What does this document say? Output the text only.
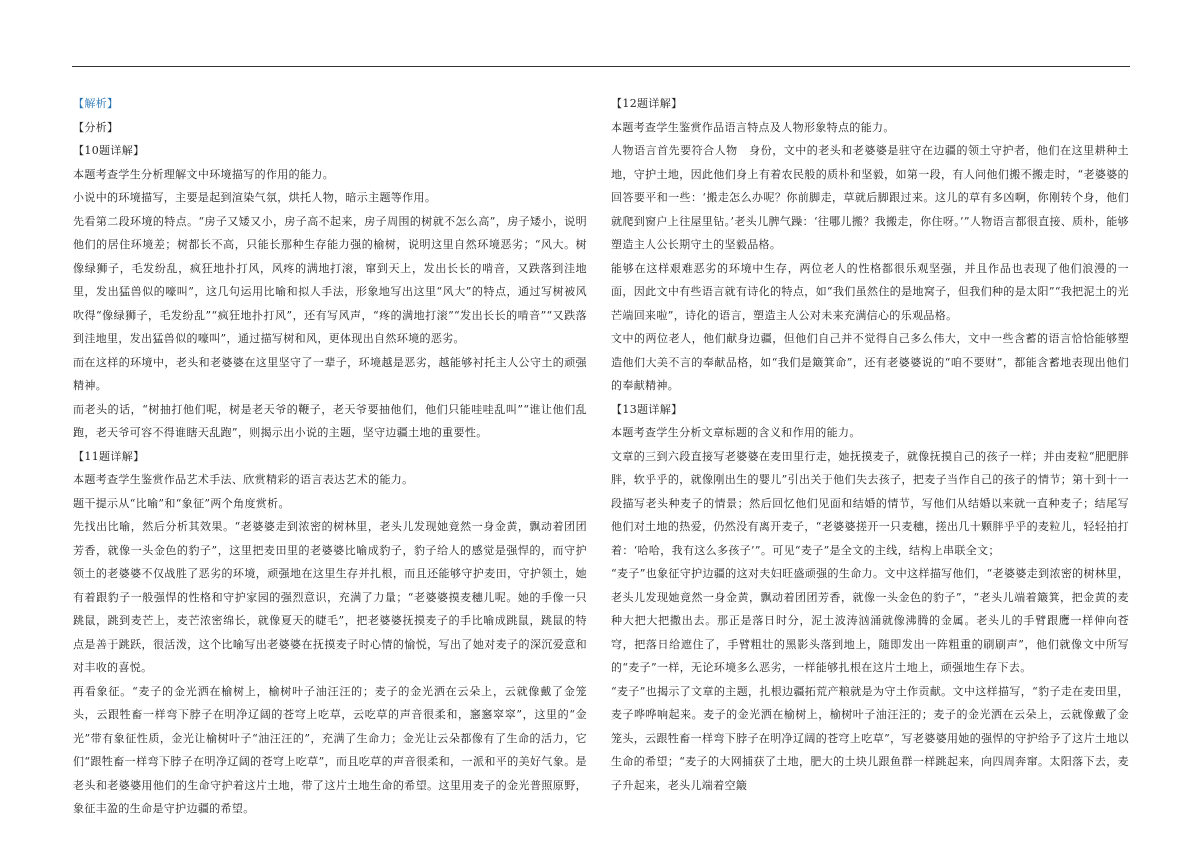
【解析】

【分析】

【10题详解】

本题考查学生分析理解文中环境描写的作用的能力。

小说中的环境描写，主要是起到渲染气氛，烘托人物，暗示主题等作用。

先看第二段环境的特点。“房子又矮又小，房子高不起来，房子周围的树就不怎么高”，房子矮小，说明他们的居住环境差；树都长不高，只能长那种生存能力强的榆树，说明这里自然环境恶劣；“风大。树像绿狮子，毛发纷乱，疯狂地扑打风，风疼的满地打滚，窜到天上，发出长长的啃音，又跌落到洼地里，发出猛兽似的嚎叫”，这几句运用比喻和拟人手法，形象地写出这里“风大”的特点，通过写树被风吹得“像绿狮子，毛发纷乱”“疯狂地扑打风”，还有写风声，“疼的满地打滚”“发出长长的啃音”“又跌落到洼地里，发出猛兽似的嚎叫”，通过描写树和风，更体现出自然环境的恶劣。

而在这样的环境中，老头和老婆婆在这里坚守了一辈子，环境越是恶劣，越能够衬托主人公守土的顽强精神。

而老头的话，“树抽打他们呢，树是老天爷的鞭子，老天爷要抽他们，他们只能哇哇乱叫”“谁让他们乱跑，老天爷可容不得谁瞎天乱跑”，则揭示出小说的主题，坚守边疆土地的重要性。

【11题详解】

本题考查学生鉴赏作品艺术手法、欣赏精彩的语言表达艺术的能力。

题干提示从“比喻”和“象征”两个角度赏析。

先找出比喻，然后分析其效果。“老婆婆走到浓密的树林里，老头儿发现她竟然一身金黄，飘动着团团芳香，就像一头金色的豹子”，这里把麦田里的老婆婆比喻成豹子，豹子给人的感觉是强悍的，而守护领土的老婆婆不仅战胜了恶劣的环境，顽强地在这里生存并扎根，而且还能够守护麦田，守护领土，她有着跟豹子一般强悍的性格和守护家园的强烈意识，充满了力量；“老婆婆摸麦穗儿呢。她的手像一只跳鼠，跳到麦芒上，麦芒浓密绵长，就像夏天的睫毛”，把老婆婆抚摸麦子的手比喻成跳鼠，跳鼠的特点是善于跳跃，很活泼，这个比喻写出老婆婆在抚摸麦子时心情的愉悦，写出了她对麦子的深沉爱意和对丰收的喜悦。

再看象征。“麦子的金光洒在榆树上，榆树叶子油汪汪的；麦子的金光洒在云朵上，云就像戴了金笼头，云跟牲畜一样弯下脖子在明净辽阔的苍穹上吃草，云吃草的声音很柔和，窸窸窣窣”，这里的“金光”带有象征性质，金光让榆树叶子“油汪汪的”，充满了生命力；金光让云朵都像有了生命的活力，它们“跟牲畜一样弯下脖子在明净辽阔的苍穹上吃草”，而且吃草的声音很柔和，一派和平的美好气象。是老头和老婆婆用他们的生命守护着这片土地，带了这片土地生命的希望。这里用麦子的金光普照原野，象征丰盈的生命是守护边疆的希望。

【12题详解】

本题考查学生鉴赏作品语言特点及人物形象特点的能力。

人物语言首先要符合人物　身份，文中的老头和老婆婆是驻守在边疆的领土守护者，他们在这里耕种土地，守护土地，因此他们身上有着农民般的质朴和坚毅，如第一段，有人问他们搬不搬走时，“老婆婆的回答要平和一些：‘搬走怎么办呢？你前脚走，草就后脚跟过来。这儿的草有多凶啊，你刚转个身，他们就爬到窗户上往屋里钻。’老头儿脾气躁：‘往哪儿搬？我搬走，你住呀。’”人物语言都很直接、质朴，能够塑造主人公长期守土的坚毅品格。

能够在这样艰难恶劣的环境中生存，两位老人的性格都很乐观坚强，并且作品也表现了他们浪漫的一面，因此文中有些语言就有诗化的特点，如“我们虽然住的是地窝子，但我们种的是太阳”“我把泥土的光芒端回来啦”，诗化的语言，塑造主人公对未来充满信心的乐观品格。

文中的两位老人，他们献身边疆，但他们自己并不觉得自己多么伟大，文中一些含蓄的语言恰恰能够塑造他们大美不言的奉献品格，如“我们是簸箕命”，还有老婆婆说的“咱不要财”，都能含蓄地表现出他们的奉献精神。

【13题详解】

本题考查学生分析文章标题的含义和作用的能力。

文章的三到六段直接写老婆婆在麦田里行走，她抚摸麦子，就像抚摸自己的孩子一样；并由麦粒“肥肥胖胖，软乎乎的，就像刚出生的婴儿”引出关于他们失去孩子，把麦子当作自己的孩子的情节；第十到十一段描写老头种麦子的情景；然后回忆他们见面和结婚的情节，写他们从结婚以来就一直种麦子；结尾写他们对土地的热爱，仍然没有离开麦子，“老婆婆搓开一只麦穗，搓出几十颗胖乎乎的麦粒儿，轻轻拍打着：‘哈哈，我有这么多孩子’”。可见“麦子”是全文的主线，结构上串联全文；

“麦子”也象征守护边疆的这对夫妇旺盛顽强的生命力。文中这样描写他们，“老婆婆走到浓密的树林里，老头儿发现她竟然一身金黄，飘动着团团芳香，就像一头金色的豹子”，“老头儿端着簸箕，把金黄的麦种大把大把撒出去。那正是落日时分，泥土波涛汹涌就像沸腾的金属。老头儿的手臂跟鹰一样伸向苍穹，把落日给遮住了，手臂粗壮的黑影头落到地上，随即发出一阵粗重的刷刷声”，他们就像文中所写的“麦子”一样，无论环境多么恶劣，一样能够扎根在这片土地上，顽强地生存下去。

“麦子”也揭示了文章的主题，扎根边疆拓荒产粮就是为守土作贡献。文中这样描写，“豹子走在麦田里，麦子哗哗响起来。麦子的金光洒在榆树上，榆树叶子油汪汪的；麦子的金光洒在云朵上，云就像戴了金笼头，云跟牲畜一样弯下脖子在明净辽阔的苍穹上吃草”，写老婆婆用她的强悍的守护给予了这片土地以生命的希望；“麦子的大网捕获了土地，肥大的土块儿跟鱼群一样跳起来，向四周奔窜。太阳落下去，麦子升起来，老头儿端着空簸
